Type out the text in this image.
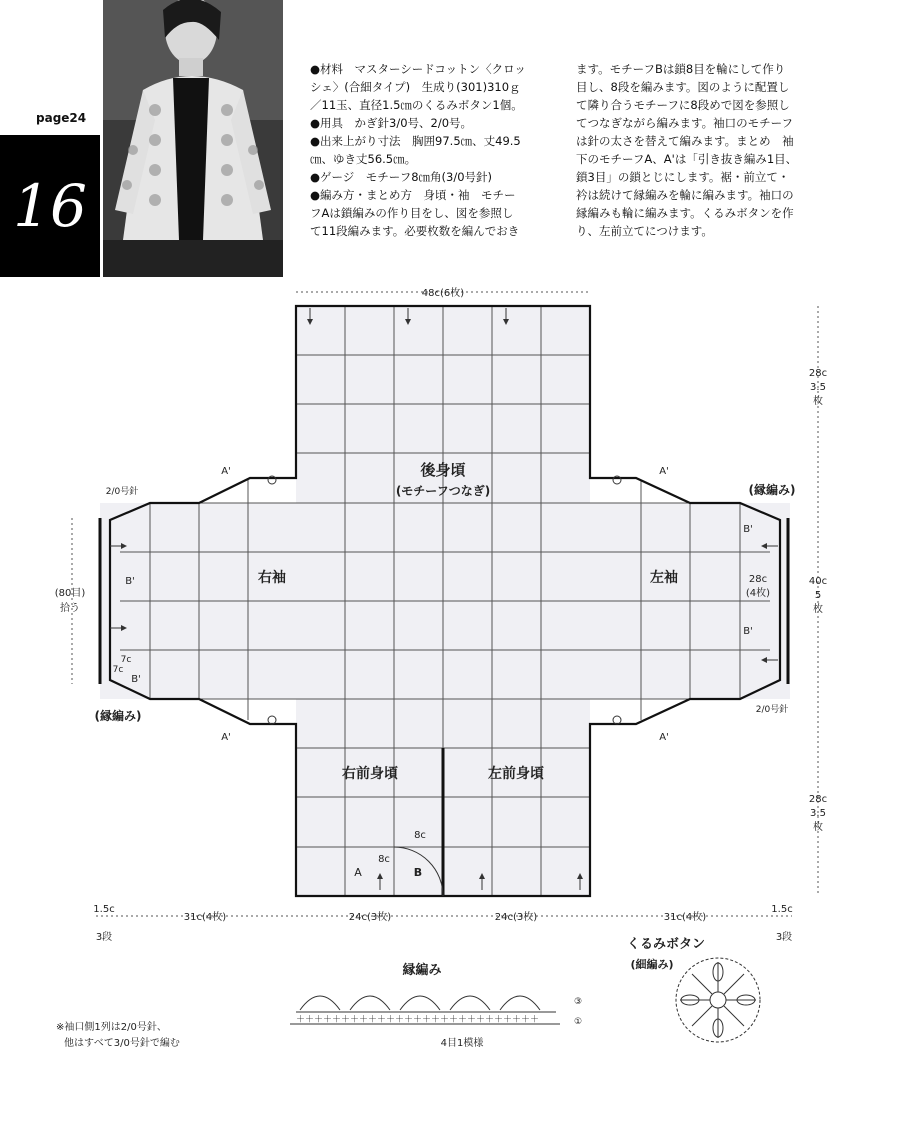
page24
16

●材料　マスターシードコットン〈クロッ

シェ〉(合細タイプ)　生成り(301)310ｇ

／11玉、直径1.5㎝のくるみボタン1個。

●用具　かぎ針3/0号、2/0号。

●出来上がり寸法　胸囲97.5㎝、丈49.5

㎝、ゆき丈56.5㎝。

●ゲージ　モチーフ8㎝角(3/0号針)

●編み方・まとめ方　身頃・袖　モチー

フAは鎖編みの作り目をし、図を参照し

て11段編みます。必要枚数を編んでおき

ます。モチーフBは鎖8目を輪にして作り

目し、8段を編みます。図のように配置し

て隣り合うモチーフに8段めで図を参照し

てつなぎながら編みます。袖口のモチーフ

は針の太さを替えて編みます。まとめ　袖

下のモチーフA、A'は「引き抜き編み1目、

鎖3目」の鎖とじにします。裾・前立て・

衿は続けて縁編みを輪に編みます。袖口の

縁編みも輪に編みます。くるみボタンを作

り、左前立てにつけます。

48c(6枚)
後身頃
(モチーフつなぎ)
右袖	左袖
右前身頃	左前身頃
A	B
8c
8c
A'
A'
A'
A'
B'
B'
B'
B'
2/0号針
2/0号針
7c
7c
28c
(4枚)
(80目)
拾う
(縁編み)
(縁編み)
28c
3.5
枚
40c
5
枚
28c
3.5
枚
1.5c
31c(4枚)	24c(3枚)	24c(3枚)	31c(4枚)
1.5c
3段	3段
縁編み
＋＋＋＋＋＋＋＋＋＋＋＋＋＋＋＋＋＋＋＋＋＋＋＋＋＋＋
③
①
4目1模様
くるみボタン
(細編み)
※袖口側1列は2/0号針、
他はすべて3/0号針で編む
